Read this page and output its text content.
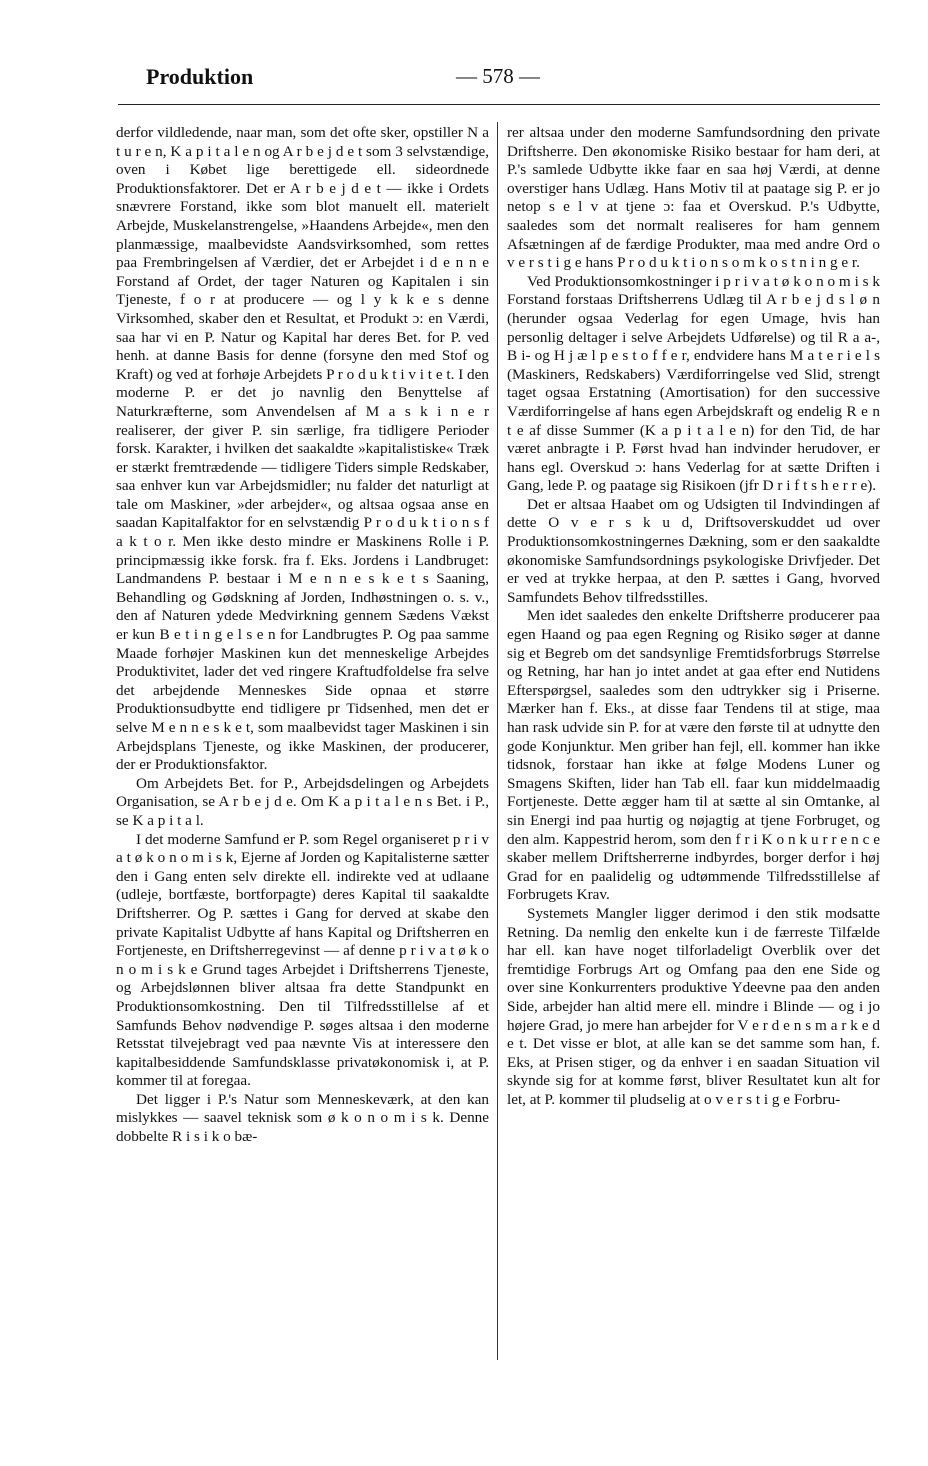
Produktion	— 578 —

derfor vildledende, naar man, som det ofte sker, opstiller N a t u r e n, K a p i t a l e n og A r b e j d e t som 3 selvstændige, oven i Købet lige berettigede ell. sideordnede Produktionsfaktorer. Det er A r b e j d e t — ikke i Ordets snævrere Forstand, ikke som blot manuelt ell. materielt Arbejde, Muskelanstrengelse, »Haandens Arbejde«, men den planmæssige, maalbevidste Aandsvirksomhed, som rettes paa Frembringelsen af Værdier, det er Arbejdet i d e n n e Forstand af Ordet, der tager Naturen og Kapitalen i sin Tjeneste, f o r at producere — og l y k k e s denne Virksomhed, skaber den et Resultat, et Produkt ɔ: en Værdi, saa har vi en P. Natur og Kapital har deres Bet. for P. ved henh. at danne Basis for denne (forsyne den med Stof og Kraft) og ved at forhøje Arbejdets P r o d u k t i v i t e t. I den moderne P. er det jo navnlig den Benyttelse af Naturkræfterne, som Anvendelsen af M a s k i n e r realiserer, der giver P. sin særlige, fra tidligere Perioder forsk. Karakter, i hvilken det saakaldte »kapitalistiske« Træk er stærkt fremtrædende — tidligere Tiders simple Redskaber, saa enhver kun var Arbejdsmidler; nu falder det naturligt at tale om Maskiner, »der arbejder«, og altsaa ogsaa anse en saadan Kapitalfaktor for en selvstændig P r o d u k t i o n s f a k t o r. Men ikke desto mindre er Maskinens Rolle i P. principmæssig ikke forsk. fra f. Eks. Jordens i Landbruget: Landmandens P. bestaar i M e n n e s k e t s Saaning, Behandling og Gødskning af Jorden, Indhøstningen o. s. v., den af Naturen ydede Medvirkning gennem Sædens Vækst er kun B e t i n g e l s e n for Landbrugtes P. Og paa samme Maade forhøjer Maskinen kun det menneskelige Arbejdes Produktivitet, lader det ved ringere Kraftudfoldelse fra selve det arbejdende Menneskes Side opnaa et større Produktionsudbytte end tidligere pr Tidsenhed, men det er selve M e n n e s k e t, som maalbevidst tager Maskinen i sin Arbejdsplans Tjeneste, og ikke Maskinen, der producerer, der er Produktionsfaktor.

Om Arbejdets Bet. for P., Arbejdsdelingen og Arbejdets Organisation, se A r b e j d e. Om K a p i t a l e n s Bet. i P., se K a p i t a l.

I det moderne Samfund er P. som Regel organiseret p r i v a t ø k o n o m i s k, Ejerne af Jorden og Kapitalisterne sætter den i Gang enten selv direkte ell. indirekte ved at udlaane (udleje, bortfæste, bortforpagte) deres Kapital til saakaldte Driftsherrer. Og P. sættes i Gang for derved at skabe den private Kapitalist Udbytte af hans Kapital og Driftsherren en Fortjeneste, en Driftsherregevinst — af denne p r i v a t ø k o n o m i s k e Grund tages Arbejdet i Driftsherrens Tjeneste, og Arbejdslønnen bliver altsaa fra dette Standpunkt en Produktionsomkostning. Den til Tilfredsstillelse af et Samfunds Behov nødvendige P. søges altsaa i den moderne Retsstat tilvejebragt ved paa nævnte Vis at interessere den kapitalbesiddende Samfundsklasse privatøkonomisk i, at P. kommer til at foregaa.

Det ligger i P.'s Natur som Menneskeværk, at den kan mislykkes — saavel teknisk som ø k o n o m i s k. Denne dobbelte R i s i k o bæ-

rer altsaa under den moderne Samfundsordning den private Driftsherre. Den økonomiske Risiko bestaar for ham deri, at P.'s samlede Udbytte ikke faar en saa høj Værdi, at denne overstiger hans Udlæg. Hans Motiv til at paatage sig P. er jo netop s e l v at tjene ɔ: faa et Overskud. P.'s Udbytte, saaledes som det normalt realiseres for ham gennem Afsætningen af de færdige Produkter, maa med andre Ord o v e r s t i g e hans P r o d u k t i o n s o m k o s t n i n g e r.

Ved Produktionsomkostninger i p r i v a t ø k o n o m i s k Forstand forstaas Driftsherrens Udlæg til A r b e j d s l ø n (herunder ogsaa Vederlag for egen Umage, hvis han personlig deltager i selve Arbejdets Udførelse) og til R a a-, B i- og H j æ l p e s t o f f e r, endvidere hans M a t e r i e l s (Maskiners, Redskabers) Værdiforringelse ved Slid, strengt taget ogsaa Erstatning (Amortisation) for den successive Værdiforringelse af hans egen Arbejdskraft og endelig R e n t e af disse Summer (K a p i t a l e n) for den Tid, de har været anbragte i P. Først hvad han indvinder herudover, er hans egl. Overskud ɔ: hans Vederlag for at sætte Driften i Gang, lede P. og paatage sig Risikoen (jfr D r i f t s h e r r e).

Det er altsaa Haabet om og Udsigten til Indvindingen af dette O v e r s k u d, Driftsoverskuddet ud over Produktionsomkostningernes Dækning, som er den saakaldte økonomiske Samfundsordnings psykologiske Drivfjeder. Det er ved at trykke herpaa, at den P. sættes i Gang, hvorved Samfundets Behov tilfredsstilles.

Men idet saaledes den enkelte Driftsherre producerer paa egen Haand og paa egen Regning og Risiko søger at danne sig et Begreb om det sandsynlige Fremtidsforbrugs Størrelse og Retning, har han jo intet andet at gaa efter end Nutidens Efterspørgsel, saaledes som den udtrykker sig i Priserne. Mærker han f. Eks., at disse faar Tendens til at stige, maa han rask udvide sin P. for at være den første til at udnytte den gode Konjunktur. Men griber han fejl, ell. kommer han ikke tidsnok, forstaar han ikke at følge Modens Luner og Smagens Skiften, lider han Tab ell. faar kun middelmaadig Fortjeneste. Dette ægger ham til at sætte al sin Omtanke, al sin Energi ind paa hurtig og nøjagtig at tjene Forbruget, og den alm. Kappestrid herom, som den f r i K o n k u r r e n c e skaber mellem Driftsherrerne indbyrdes, borger derfor i høj Grad for en paalidelig og udtømmende Tilfredsstillelse af Forbrugets Krav.

Systemets Mangler ligger derimod i den stik modsatte Retning. Da nemlig den enkelte kun i de færreste Tilfælde har ell. kan have noget tilforladeligt Overblik over det fremtidige Forbrugs Art og Omfang paa den ene Side og over sine Konkurrenters produktive Ydeevne paa den anden Side, arbejder han altid mere ell. mindre i Blinde — og i jo højere Grad, jo mere han arbejder for V e r d e n s m a r k e d e t. Det visse er blot, at alle kan se det samme som han, f. Eks, at Prisen stiger, og da enhver i en saadan Situation vil skynde sig for at komme først, bliver Resultatet kun alt for let, at P. kommer til pludselig at o v e r s t i g e Forbru-
